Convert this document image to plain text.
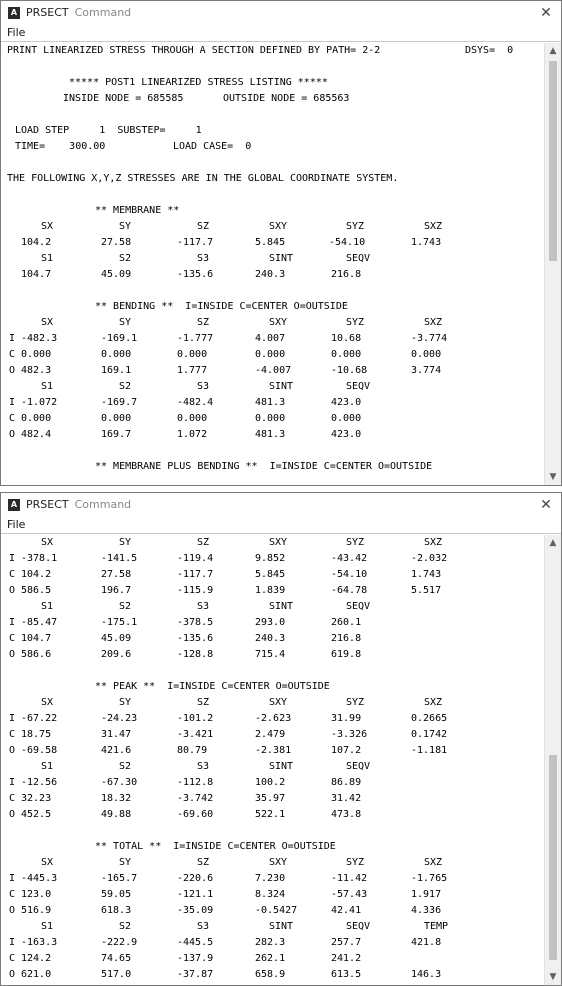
A PRSECT Command	✕
File
PRINT LINEARIZED STRESS THROUGH A SECTION DEFINED BY PATH= 2-2	DSYS=  0
***** POST1 LINEARIZED STRESS LISTING *****
INSIDE NODE = 685585	OUTSIDE NODE = 685563
LOAD STEP     1  SUBSTEP=     1
TIME=    300.00	LOAD CASE=  0
THE FOLLOWING X,Y,Z STRESSES ARE IN THE GLOBAL COORDINATE SYSTEM.
** MEMBRANE **
SX	SY	SZ	SXY	SYZ	SXZ
104.2	27.58	-117.7	5.845	-54.10	1.743
S1	S2	S3	SINT	SEQV
104.7	45.09	-135.6	240.3	216.8
** BENDING **  I=INSIDE C=CENTER O=OUTSIDE
SX	SY	SZ	SXY	SYZ	SXZ
I -482.3	-169.1	-1.777	4.007	10.68	-3.774
C 0.000	0.000	0.000	0.000	0.000	0.000
O 482.3	169.1	1.777	-4.007	-10.68	3.774
S1	S2	S3	SINT	SEQV
I -1.072	-169.7	-482.4	481.3	423.0
C 0.000	0.000	0.000	0.000	0.000
O 482.4	169.7	1.072	481.3	423.0
** MEMBRANE PLUS BENDING **  I=INSIDE C=CENTER O=OUTSIDE
▲
▼
A PRSECT Command	✕
File
SX	SY	SZ	SXY	SYZ	SXZ
I -378.1	-141.5	-119.4	9.852	-43.42	-2.032
C 104.2	27.58	-117.7	5.845	-54.10	1.743
O 586.5	196.7	-115.9	1.839	-64.78	5.517
S1	S2	S3	SINT	SEQV
I -85.47	-175.1	-378.5	293.0	260.1
C 104.7	45.09	-135.6	240.3	216.8
O 586.6	209.6	-128.8	715.4	619.8
** PEAK **  I=INSIDE C=CENTER O=OUTSIDE
SX	SY	SZ	SXY	SYZ	SXZ
I -67.22	-24.23	-101.2	-2.623	31.99	0.2665
C 18.75	31.47	-3.421	2.479	-3.326	0.1742
O -69.58	421.6	80.79	-2.381	107.2	-1.181
S1	S2	S3	SINT	SEQV
I -12.56	-67.30	-112.8	100.2	86.89
C 32.23	18.32	-3.742	35.97	31.42
O 452.5	49.88	-69.60	522.1	473.8
** TOTAL **  I=INSIDE C=CENTER O=OUTSIDE
SX	SY	SZ	SXY	SYZ	SXZ
I -445.3	-165.7	-220.6	7.230	-11.42	-1.765
C 123.0	59.05	-121.1	8.324	-57.43	1.917
O 516.9	618.3	-35.09	-0.5427	42.41	4.336
S1	S2	S3	SINT	SEQV	TEMP
I -163.3	-222.9	-445.5	282.3	257.7	421.8
C 124.2	74.65	-137.9	262.1	241.2
O 621.0	517.0	-37.87	658.9	613.5	146.3
▲
▼
